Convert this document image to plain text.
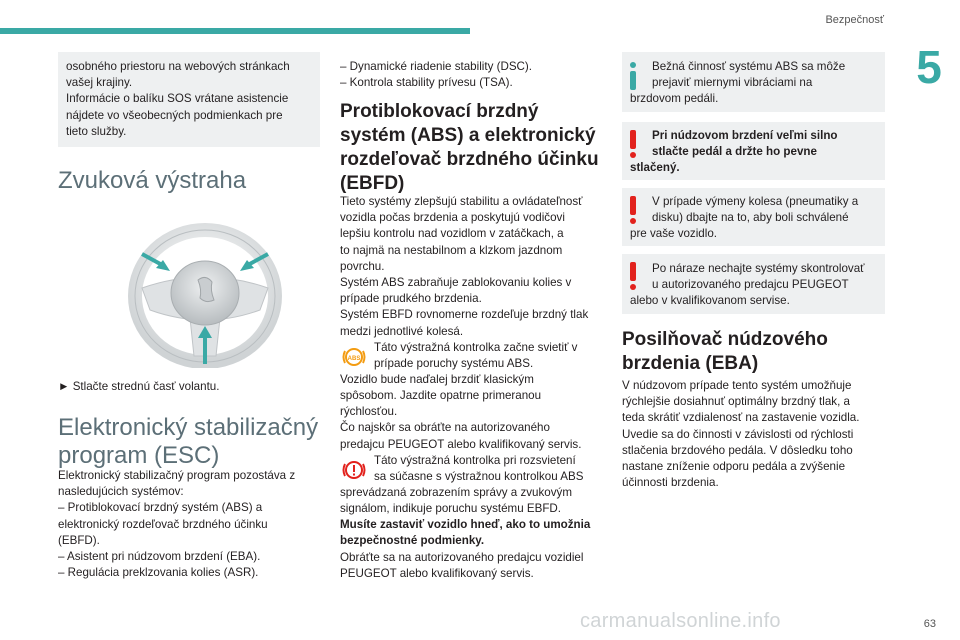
Bezpečnosť
5

osobného priestoru na webových stránkach

vašej krajiny.

Informácie o balíku SOS vrátane asistencie

nájdete vo všeobecných podmienkach pre

tieto služby.

Zvuková výstraha

► Stlačte strednú časť volantu.

Elektronický stabilizačný

program (ESC)

Elektronický stabilizačný program pozostáva z

nasledujúcich systémov:

– Protiblokovací brzdný systém (ABS) a

elektronický rozdeľovač brzdného účinku

(EBFD).

– Asistent pri núdzovom brzdení (EBA).

– Regulácia preklzovania kolies (ASR).

– Dynamické riadenie stability (DSC).

– Kontrola stability prívesu (TSA).

Protiblokovací brzdný

systém (ABS) a elektronický

rozdeľovač brzdného účinku

(EBFD)

Tieto systémy zlepšujú stabilitu a ovládateľnosť

vozidla počas brzdenia a poskytujú vodičovi

lepšiu kontrolu nad vozidlom v zatáčkach, a

to najmä na nestabilnom a klzkom jazdnom

povrchu.

Systém ABS zabraňuje zablokovaniu kolies v

prípade prudkého brzdenia.

Systém EBFD rovnomerne rozdeľuje brzdný tlak

medzi jednotlivé kolesá.

ABS

Táto výstražná kontrolka začne svietiť v

prípade poruchy systému ABS.

Vozidlo bude naďalej brzdiť klasickým

spôsobom. Jazdite opatrne primeranou

rýchlosťou.

Čo najskôr sa obráťte na autorizovaného

predajcu PEUGEOT alebo kvalifikovaný servis.

Táto výstražná kontrolka pri rozsvietení

sa súčasne s výstražnou kontrolkou ABS

sprevádzaná zobrazením správy a zvukovým

signálom, indikuje poruchu systému EBFD.

Musíte zastaviť vozidlo hneď, ako to umožnia

bezpečnostné podmienky.

Obráťte sa na autorizovaného predajcu vozidiel

PEUGEOT alebo kvalifikovaný servis.

Bežná činnosť systému ABS sa môže

prejaviť miernymi vibráciami na

brzdovom pedáli.

Pri núdzovom brzdení veľmi silno

stlačte pedál a držte ho pevne

stlačený.

V prípade výmeny kolesa (pneumatiky a

disku) dbajte na to, aby boli schválené

pre vaše vozidlo.

Po náraze nechajte systémy skontrolovať

u autorizovaného predajcu PEUGEOT

alebo v kvalifikovanom servise.

Posilňovač núdzového

brzdenia (EBA)

V núdzovom prípade tento systém umožňuje

rýchlejšie dosiahnuť optimálny brzdný tlak, a

teda skrátiť vzdialenosť na zastavenie vozidla.

Uvedie sa do činnosti v závislosti od rýchlosti

stlačenia brzdového pedála. V dôsledku toho

nastane zníženie odporu pedála a zvýšenie

účinnosti brzdenia.

carmanualsonline.info	63
